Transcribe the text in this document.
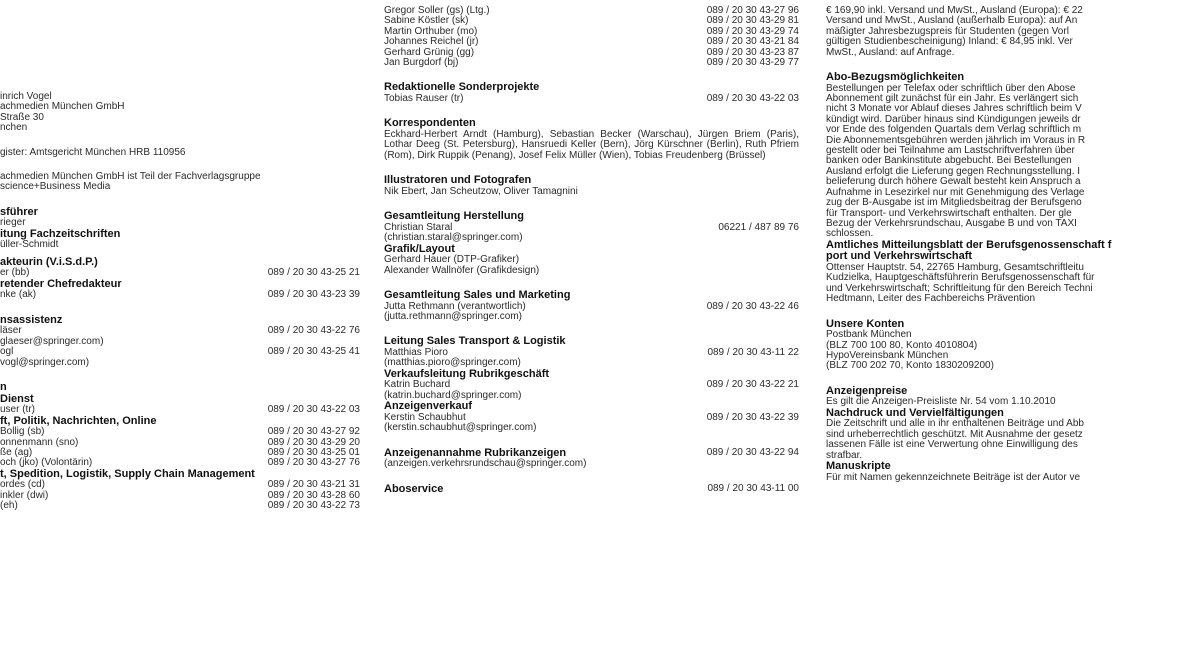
inrich Vogel
achmedien München GmbH
Straße 30
nchen
gister: Amtsgericht München HRB 110956
achmedien München GmbH ist Teil der Fachverlagsgruppe
science+Business Media
sführer
rieger
itung Fachzeitschriften
üller-Schmidt
akteurin (V.i.S.d.P.)
er (bb)	089 / 20 30 43-25 21
retender Chefredakteur
nke (ak)	089 / 20 30 43-23 39
nsassistenz
läser	089 / 20 30 43-22 76
glaeser@springer.com)
ogl	089 / 20 30 43-25 41
vogl@springer.com)
n
Dienst
user (tr)	089 / 20 30 43-22 03
ft, Politik, Nachrichten, Online
Bollig (sb)	089 / 20 30 43-27 92
onnenmann (sno)	089 / 20 30 43-29 20
ße (ag)	089 / 20 30 43-25 01
och (jko) (Volontärin)	089 / 20 30 43-27 76
t, Spedition, Logistik, Supply Chain Management
ordes (cd)	089 / 20 30 43-21 31
inkler (dwi)	089 / 20 30 43-28 60
(eh)	089 / 20 30 43-22 73
Gregor Soller (gs) (Ltg.)	089 / 20 30 43-27 96
Sabine Köstler (sk)	089 / 20 30 43-29 81
Martin Orthuber (mo)	089 / 20 30 43-29 74
Johannes Reichel (jr)	089 / 20 30 43-21 84
Gerhard Grünig (gg)	089 / 20 30 43-23 87
Jan Burgdorf (bj)	089 / 20 30 43-29 77
Redaktionelle Sonderprojekte
Tobias Rauser (tr)	089 / 20 30 43-22 03
Korrespondenten
Eckhard-Herbert Arndt (Hamburg), Sebastian Becker (Warschau), Jürgen Briem (Paris), Lothar Deeg (St. Petersburg), Hansruedi Keller (Bern), Jörg Kürschner (Berlin), Ruth Pfriem (Rom), Dirk Ruppik (Penang), Josef Felix Müller (Wien), Tobias Freudenberg (Brüssel)
Illustratoren und Fotografen
Nik Ebert, Jan Scheutzow, Oliver Tamagnini
Gesamtleitung Herstellung
Christian Staral	06221 / 487 89 76
(christian.staral@springer.com)
Grafik/Layout
Gerhard Hauer (DTP-Grafiker)
Alexander Wallnöfer (Grafikdesign)
Gesamtleitung Sales und Marketing
Jutta Rethmann (verantwortlich)	089 / 20 30 43-22 46
(jutta.rethmann@springer.com)
Leitung Sales Transport & Logistik
Matthias Pioro	089 / 20 30 43-11 22
(matthias.pioro@springer.com)
Verkaufsleitung Rubrikgeschäft
Katrin Buchard	089 / 20 30 43-22 21
(katrin.buchard@springer.com)
Anzeigenverkauf
Kerstin Schaubhut	089 / 20 30 43-22 39
(kerstin.schaubhut@springer.com)
Anzeigenannahme Rubrikanzeigen	089 / 20 30 43-22 94
(anzeigen.verkehrsrundschau@springer.com)
Aboservice	089 / 20 30 43-11 00
€ 169,90 inkl. Versand und MwSt., Ausland (Europa): € 22
Versand und MwSt., Ausland (außerhalb Europa): auf An
mäßigter Jahresbezugspreis für Studenten (gegen Vorl
gültigen Studienbescheinigung) Inland: € 84,95 inkl. Ver
MwSt., Ausland: auf Anfrage.
Abo-Bezugsmöglichkeiten
Bestellungen per Telefax oder schriftlich über den Abose
Abonnement gilt zunächst für ein Jahr. Es verlängert sich
nicht 3 Monate vor Ablauf dieses Jahres schriftlich beim V
kündigt wird. Darüber hinaus sind Kündigungen jeweils dr
vor Ende des folgenden Quartals dem Verlag schriftlich m
Die Abonnementsgebühren werden jährlich im Voraus in R
gestellt oder bei Teilnahme am Lastschriftverfahren über
banken oder Bankinstitute abgebucht. Bei Bestellungen
Ausland erfolgt die Lieferung gegen Rechnungsstellung. I
belieferung durch höhere Gewalt besteht kein Anspruch a
Aufnahme in Lesezirkel nur mit Genehmigung des Verlage
zug der B-Ausgabe ist im Mitgliedsbeitrag der Berufsgeno
für Transport- und Verkehrswirtschaft enthalten. Der gle
Bezug der Verkehrsrundschau, Ausgabe B und von TAXI
schlossen.
Amtliches Mitteilungsblatt der Berufsgenossenschaft f
port und Verkehrswirtschaft
Ottenser Hauptstr. 54, 22765 Hamburg, Gesamtschriftleitu
Kudzielka, Hauptgeschäftsführerin Berufsgenossenschaft für
und Verkehrswirtschaft; Schriftleitung für den Bereich Techni
Hedtmann, Leiter des Fachbereichs Prävention
Unsere Konten
Postbank München
(BLZ 700 100 80, Konto 4010804)
HypoVereinsbank München
(BLZ 700 202 70, Konto 1830209200)
Anzeigenpreise
Es gilt die Anzeigen-Preisliste Nr. 54 vom 1.10.2010
Nachdruck und Vervielfältigungen
Die Zeitschrift und alle in ihr enthaltenen Beiträge und Abb
sind urheberrechtlich geschützt. Mit Ausnahme der gesetz
lassenen Fälle ist eine Verwertung ohne Einwilligung des
strafbar.
Manuskripte
Für mit Namen gekennzeichnete Beiträge ist der Autor ve
